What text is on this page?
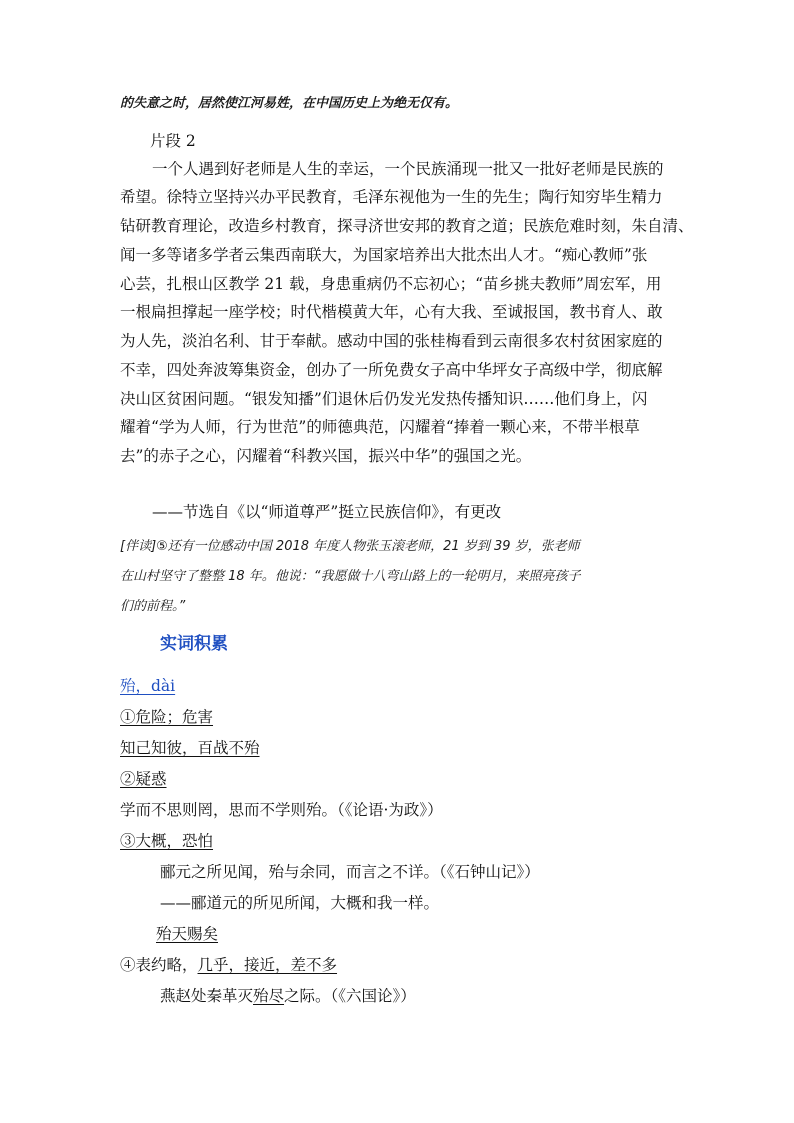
的失意之时，居然使江河易姓，在中国历史上为绝无仅有。
片段 2
一个人遇到好老师是人生的幸运，一个民族涌现一批又一批好老师是民族的
希望。徐特立坚持兴办平民教育，毛泽东视他为一生的先生；陶行知穷毕生精力
钻研教育理论，改造乡村教育，探寻济世安邦的教育之道；民族危难时刻，朱自清、
闻一多等诸多学者云集西南联大，为国家培养出大批杰出人才。“痴心教师”张
心芸，扎根山区教学 21 载，身患重病仍不忘初心；“苗乡挑夫教师”周宏军，用
一根扁担撑起一座学校；时代楷模黄大年，心有大我、至诚报国，教书育人、敢
为人先，淡泊名利、甘于奉献。感动中国的张桂梅看到云南很多农村贫困家庭的
不幸，四处奔波筹集资金，创办了一所免费女子高中华坪女子高级中学，彻底解
决山区贫困问题。“银发知播”们退休后仍发光发热传播知识……他们身上，闪
耀着“学为人师，行为世范”的师德典范，闪耀着“捧着一颗心来，不带半根草
去”的赤子之心，闪耀着“科教兴国，振兴中华”的强国之光。
——节选自《以“师道尊严”挺立民族信仰》，有更改
[伴读]⑤还有一位感动中国 2018 年度人物张玉滚老师，21 岁到 39 岁，张老师
在山村坚守了整整 18 年。他说：“我愿做十八弯山路上的一轮明月，来照亮孩子
们的前程。”
实词积累
殆，dài
①危险；危害
知己知彼，百战不殆
②疑惑
学而不思则罔，思而不学则殆。（《论语·为政》）
③大概，恐怕
郦元之所见闻，殆与余同，而言之不详。（《石钟山记》）
——郦道元的所见所闻，大概和我一样。
殆天赐矣
④表约略，几乎，接近，差不多
燕赵处秦革灭殆尽之际。（《六国论》）
